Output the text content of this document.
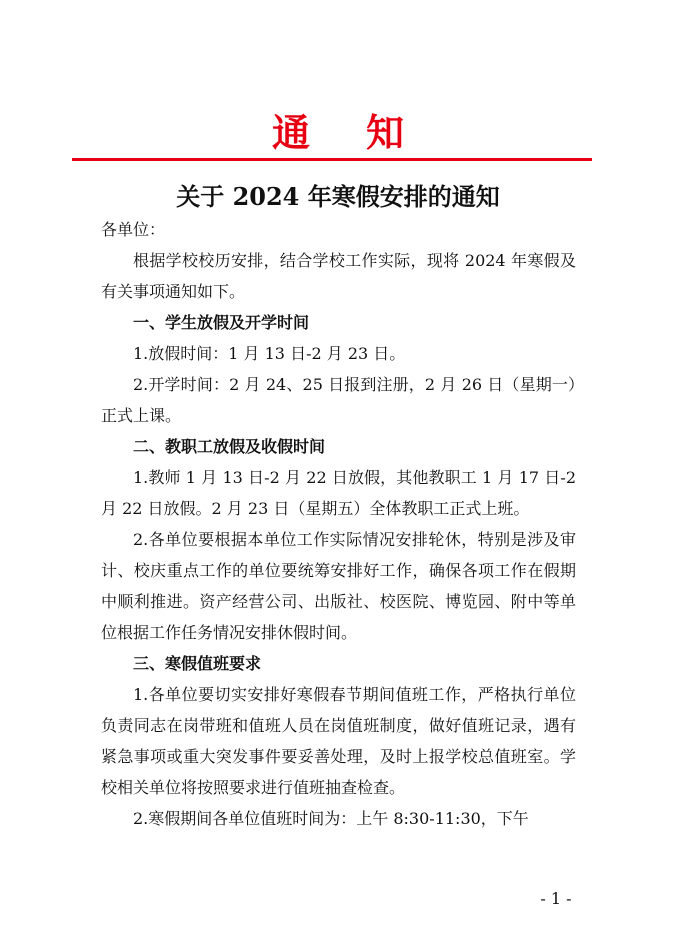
通知
关于 2024 年寒假安排的通知

各单位：

根据学校校历安排，结合学校工作实际，现将 2024 年寒假及有关事项通知如下。

一、学生放假及开学时间

1.放假时间：1 月 13 日-2 月 23 日。

2.开学时间：2 月 24、25 日报到注册，2 月 26 日（星期一）正式上课。

二、教职工放假及收假时间

1.教师 1 月 13 日-2 月 22 日放假，其他教职工 1 月 17 日-2 月 22 日放假。2 月 23 日（星期五）全体教职工正式上班。

2.各单位要根据本单位工作实际情况安排轮休，特别是涉及审计、校庆重点工作的单位要统筹安排好工作，确保各项工作在假期中顺利推进。资产经营公司、出版社、校医院、博览园、附中等单位根据工作任务情况安排休假时间。

三、寒假值班要求

1.各单位要切实安排好寒假春节期间值班工作，严格执行单位负责同志在岗带班和值班人员在岗值班制度，做好值班记录，遇有紧急事项或重大突发事件要妥善处理，及时上报学校总值班室。学校相关单位将按照要求进行值班抽查检查。

2.寒假期间各单位值班时间为：上午 8:30-11:30，下午

- 1 -
